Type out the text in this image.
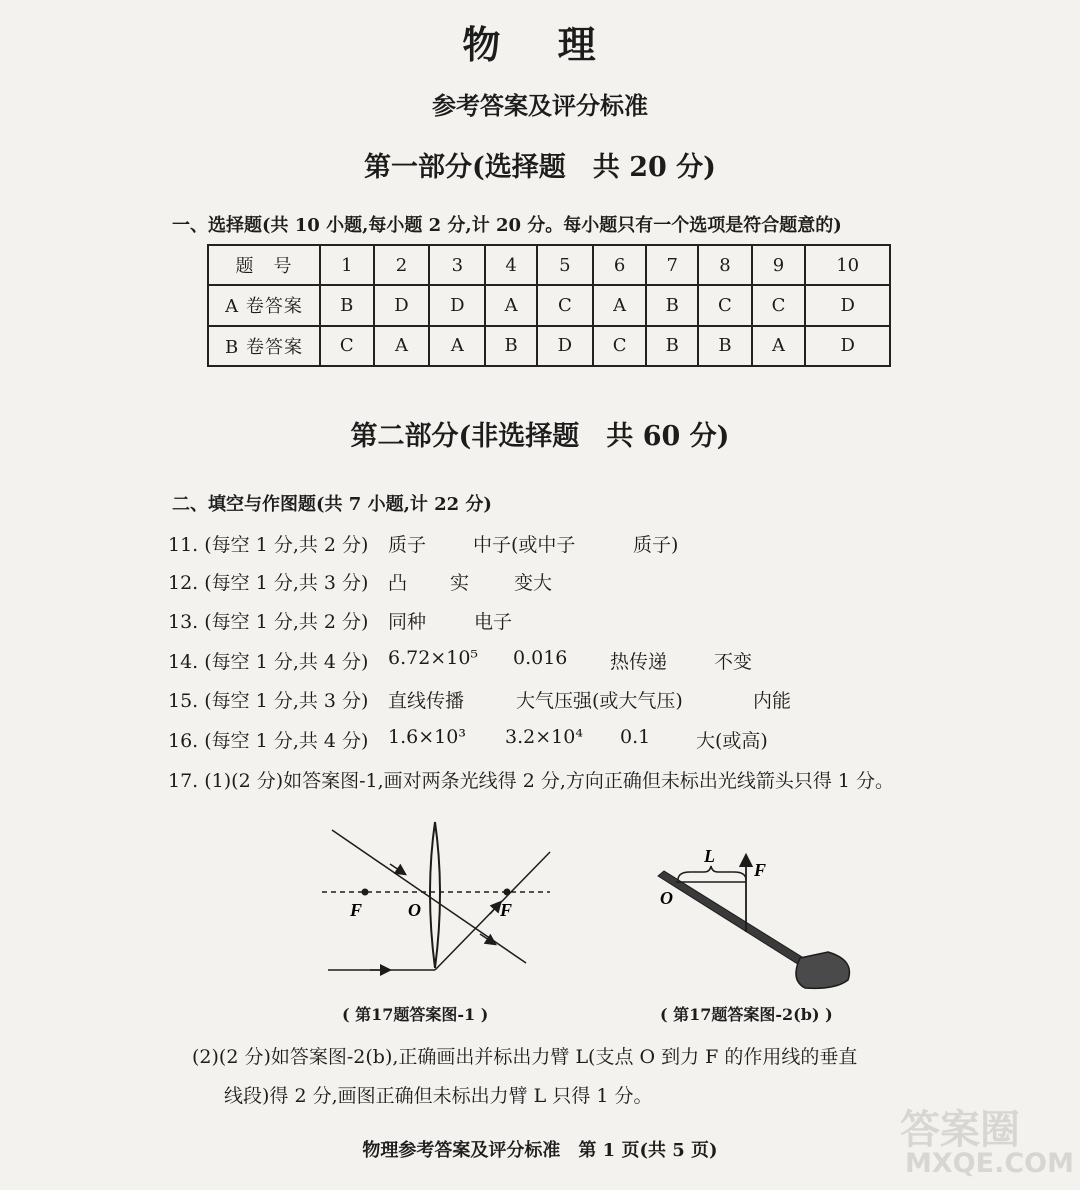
物 理
参考答案及评分标准
第一部分(选择题　共 20 分)
一、选择题(共 10 小题,每小题 2 分,计 20 分。每小题只有一个选项是符合题意的)
题　号	1	2	3	4	5	6	7	8	9	10
A 卷答案	B	D	D	A	C	A	B	C	C	D
B 卷答案	C	A	A	B	D	C	B	B	A	D
第二部分(非选择题　共 60 分)
二、填空与作图题(共 7 小题,计 22 分)
11. (每空 1 分,共 2 分) 质子 中子(或中子	质子)
12. (每空 1 分,共 3 分) 凸 实 变大
13. (每空 1 分,共 2 分) 同种	电子
14. (每空 1 分,共 4 分) 6.72×10⁵ 0.016 热传递 不变
15. (每空 1 分,共 3 分) 直线传播	大气压强(或大气压)	内能
16. (每空 1 分,共 4 分) 1.6×10³ 3.2×10⁴ 0.1 大(或高)
17. (1)(2 分)如答案图-1,画对两条光线得 2 分,方向正确但未标出光线箭头只得 1 分。
F	O	F
( 第17题答案图-1 )
L
F
O
( 第17题答案图-2(b) )
(2)(2 分)如答案图-2(b),正确画出并标出力臂 L(支点 O 到力 F 的作用线的垂直
线段)得 2 分,画图正确但未标出力臂 L 只得 1 分。
物理参考答案及评分标准　第 1 页(共 5 页)	答案圈
MXQE.COM
